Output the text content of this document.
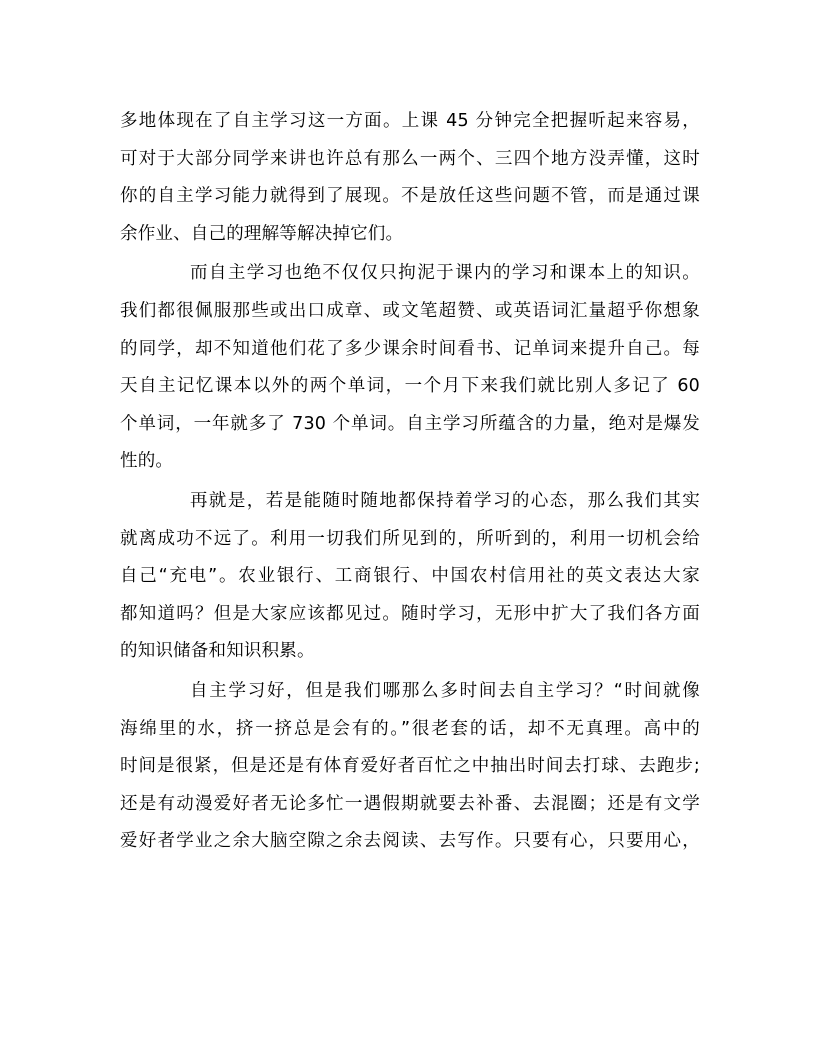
多地体现在了自主学习这一方面。上课 45 分钟完全把握听起来容易，
可对于大部分同学来讲也许总有那么一两个、三四个地方没弄懂，这时
你的自主学习能力就得到了展现。不是放任这些问题不管，而是通过课
余作业、自己的理解等解决掉它们。
而自主学习也绝不仅仅只拘泥于课内的学习和课本上的知识。
我们都很佩服那些或出口成章、或文笔超赞、或英语词汇量超乎你想象
的同学，却不知道他们花了多少课余时间看书、记单词来提升自己。每
天自主记忆课本以外的两个单词，一个月下来我们就比别人多记了 60
个单词，一年就多了 730 个单词。自主学习所蕴含的力量，绝对是爆发
性的。
再就是，若是能随时随地都保持着学习的心态，那么我们其实
就离成功不远了。利用一切我们所见到的，所听到的，利用一切机会给
自己“充电”。农业银行、工商银行、中国农村信用社的英文表达大家
都知道吗？但是大家应该都见过。随时学习，无形中扩大了我们各方面
的知识储备和知识积累。
自主学习好，但是我们哪那么多时间去自主学习？“时间就像
海绵里的水，挤一挤总是会有的。”很老套的话，却不无真理。高中的
时间是很紧，但是还是有体育爱好者百忙之中抽出时间去打球、去跑步;
还是有动漫爱好者无论多忙一遇假期就要去补番、去混圈；还是有文学
爱好者学业之余大脑空隙之余去阅读、去写作。只要有心，只要用心，
